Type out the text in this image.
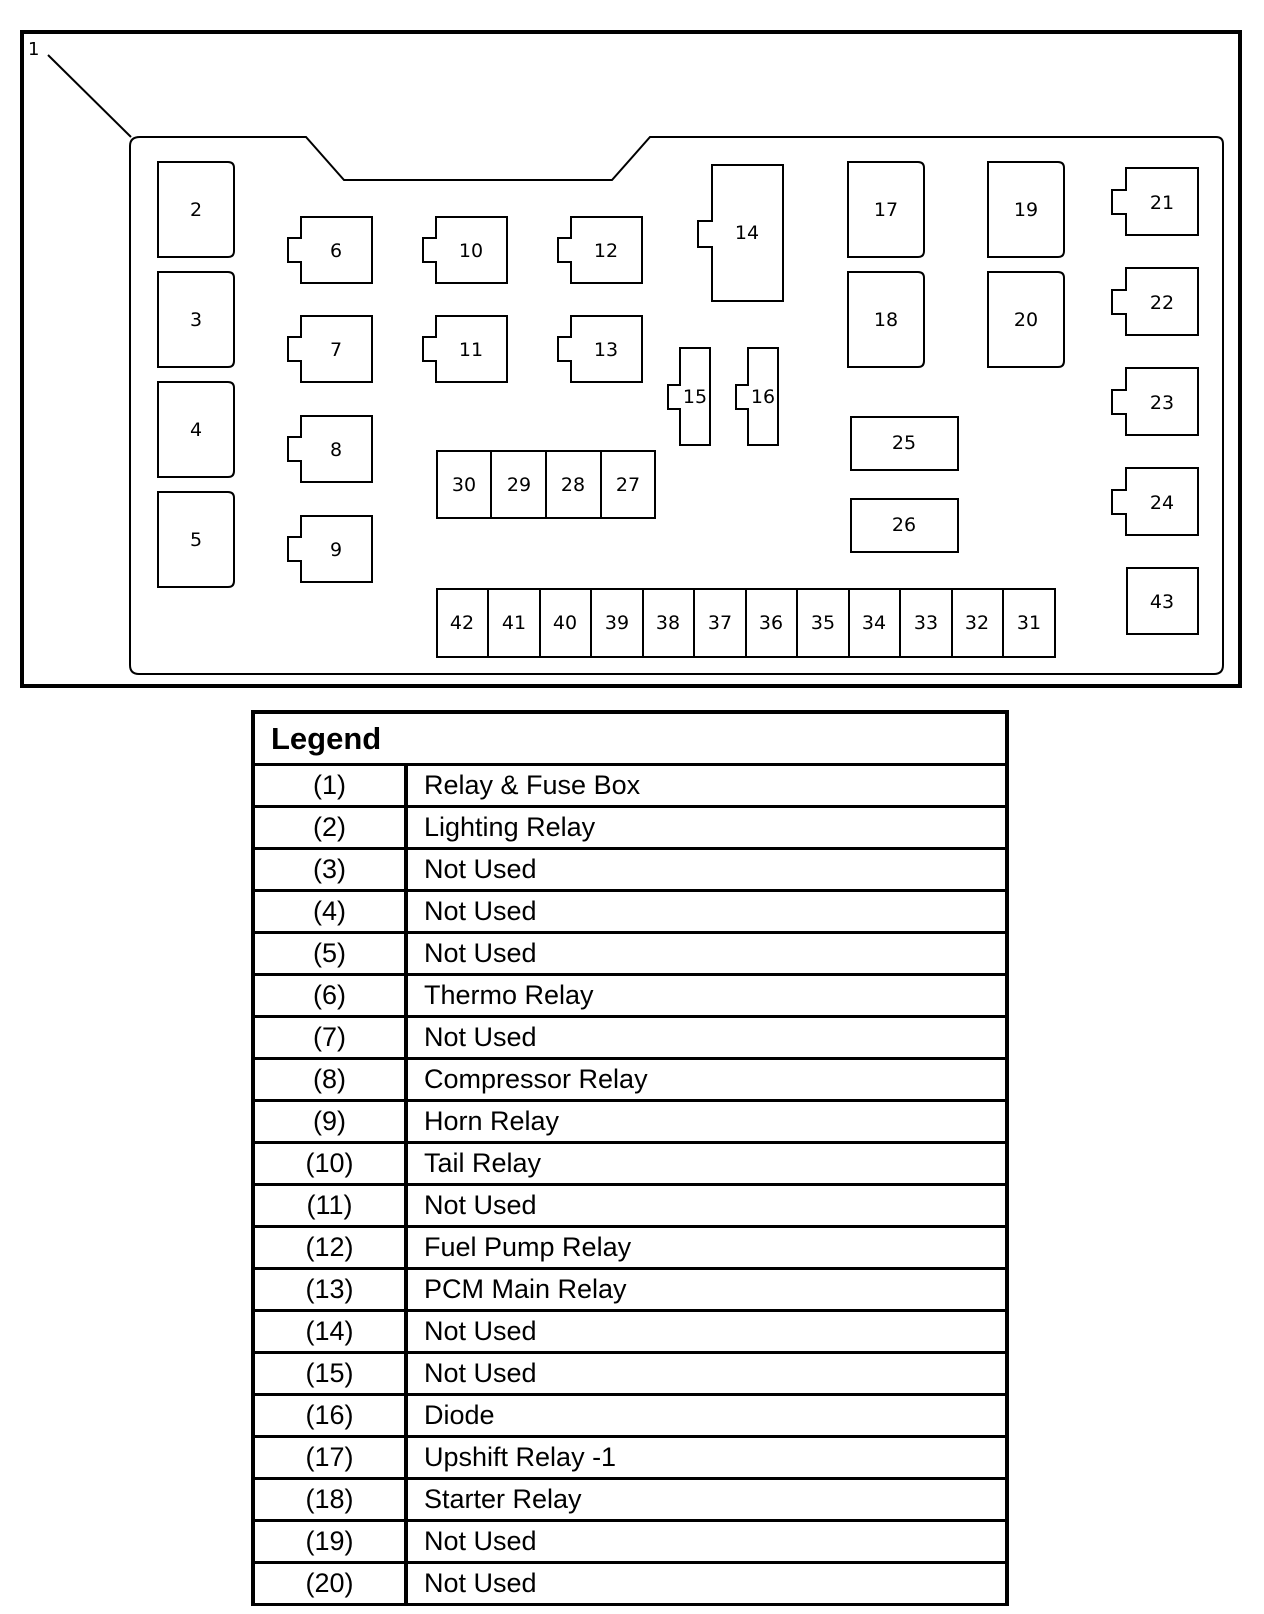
1
2
3
4
5
6
7
8
9
10
11
12
13
14
15 16
17
18
19
20
21
22
23
24
43
25
26
30 29 28 27
42 41 40 39 38 37 36 35 34 33 32 31
Legend	
(1)	Relay & Fuse Box
(2)	Lighting Relay
(3)	Not Used
(4)	Not Used
(5)	Not Used
(6)	Thermo Relay
(7)	Not Used
(8)	Compressor Relay
(9)	Horn Relay
(10)	Tail Relay
(11)	Not Used
(12)	Fuel Pump Relay
(13)	PCM Main Relay
(14)	Not Used
(15)	Not Used
(16)	Diode
(17)	Upshift Relay -1
(18)	Starter Relay
(19)	Not Used
(20)	Not Used
